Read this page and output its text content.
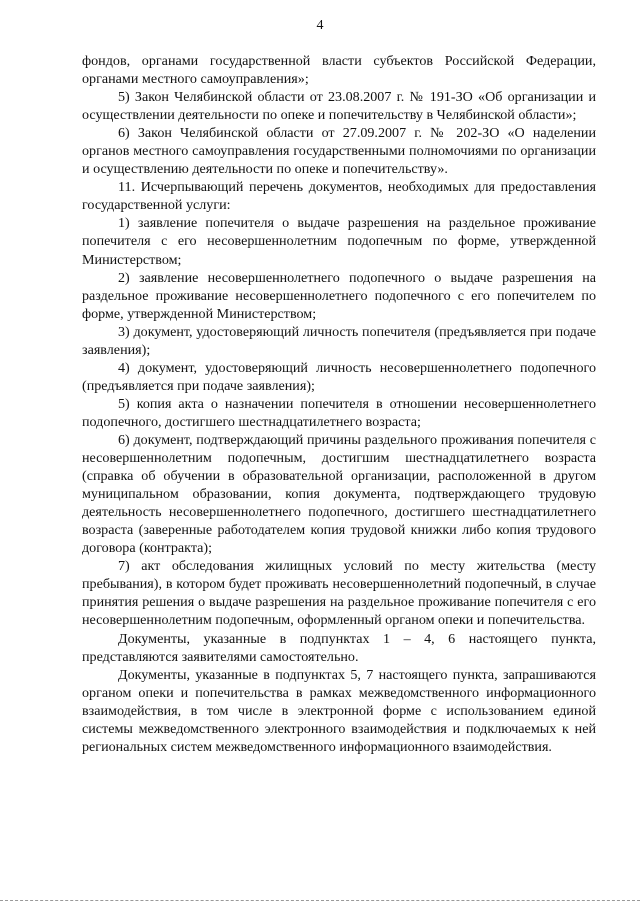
4

фондов, органами государственной власти субъектов Российской Федерации, органами местного самоуправления»;

5) Закон Челябинской области от 23.08.2007 г. № 191-ЗО «Об организации и осуществлении деятельности по опеке и попечительству в Челябинской области»;

6) Закон Челябинской области от 27.09.2007 г. № 202-ЗО «О наделении органов местного самоуправления государственными полномочиями по организации и осуществлению деятельности по опеке и попечительству».

11. Исчерпывающий перечень документов, необходимых для предоставления государственной услуги:

1) заявление попечителя о выдаче разрешения на раздельное проживание попечителя с его несовершеннолетним подопечным по форме, утвержденной Министерством;

2) заявление несовершеннолетнего подопечного о выдаче разрешения на раздельное проживание несовершеннолетнего подопечного с его попечителем по форме, утвержденной Министерством;

3) документ, удостоверяющий личность попечителя (предъявляется при подаче заявления);

4) документ, удостоверяющий личность несовершеннолетнего подопечного (предъявляется при подаче заявления);

5) копия акта о назначении попечителя в отношении несовершеннолетнего подопечного, достигшего шестнадцатилетнего возраста;

6) документ, подтверждающий причины раздельного проживания попечителя с несовершеннолетним подопечным, достигшим шестнадцатилетнего возраста (справка об обучении в образовательной организации, расположенной в другом муниципальном образовании, копия документа, подтверждающего трудовую деятельность несовершеннолетнего подопечного, достигшего шестнадцатилетнего возраста (заверенные работодателем копия трудовой книжки либо копия трудового договора (контракта);

7) акт обследования жилищных условий по месту жительства (месту пребывания), в котором будет проживать несовершеннолетний подопечный, в случае принятия решения о выдаче разрешения на раздельное проживание попечителя с его несовершеннолетним подопечным, оформленный органом опеки и попечительства.

Документы, указанные в подпунктах 1 – 4, 6 настоящего пункта, представляются заявителями самостоятельно.

Документы, указанные в подпунктах 5, 7 настоящего пункта, запрашиваются органом опеки и попечительства в рамках межведомственного информационного взаимодействия, в том числе в электронной форме с использованием единой системы межведомственного электронного взаимодействия и подключаемых к ней региональных систем межведомственного информационного взаимодействия.
